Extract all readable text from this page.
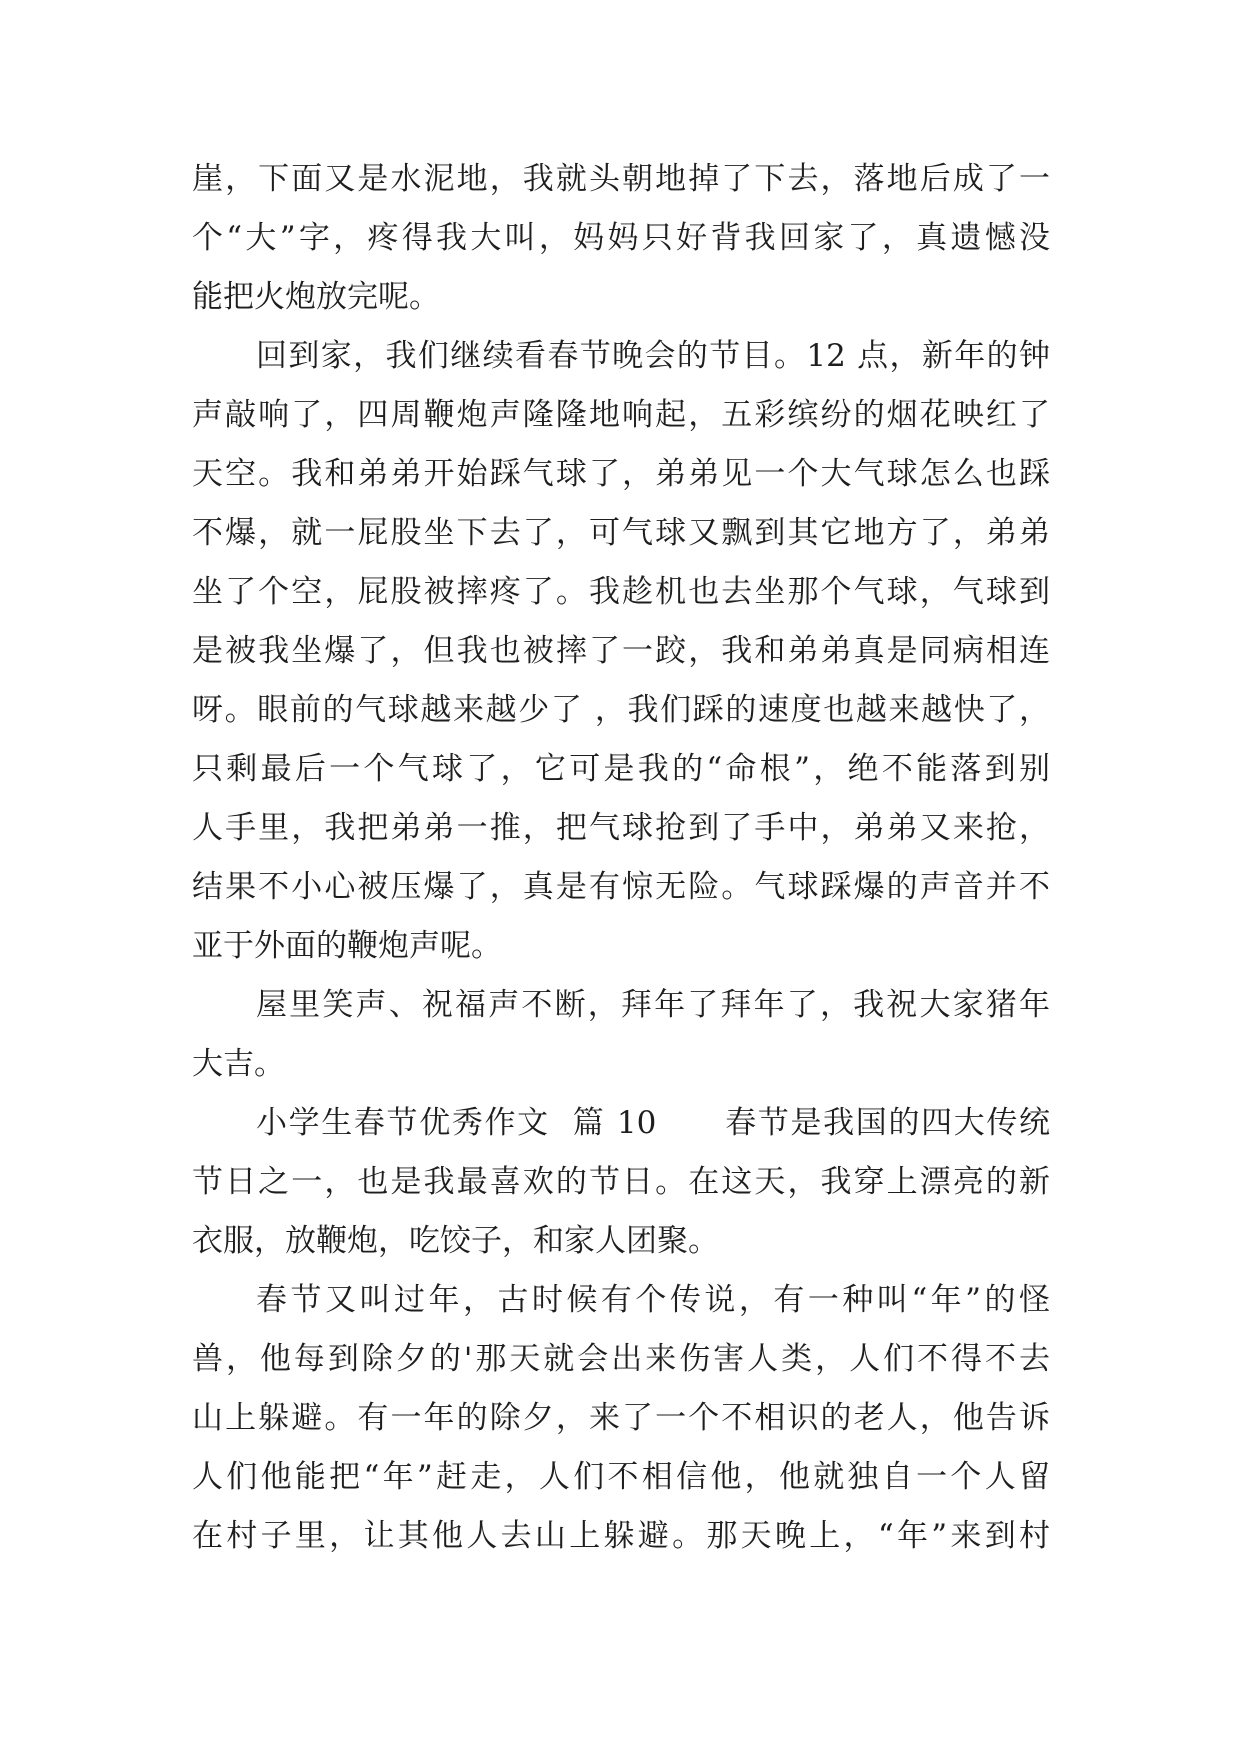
崖，下面又是水泥地，我就头朝地掉了下去，落地后成了一
个“大”字，疼得我大叫，妈妈只好背我回家了，真遗憾没
能把火炮放完呢。
回到家，我们继续看春节晚会的节目。12 点，新年的钟
声敲响了，四周鞭炮声隆隆地响起，五彩缤纷的烟花映红了
天空。我和弟弟开始踩气球了，弟弟见一个大气球怎么也踩
不爆，就一屁股坐下去了，可气球又飘到其它地方了，弟弟
坐了个空，屁股被摔疼了。我趁机也去坐那个气球，气球到
是被我坐爆了，但我也被摔了一跤，我和弟弟真是同病相连
呀。眼前的气球越来越少了 ，我们踩的速度也越来越快了，
只剩最后一个气球了，它可是我的“命根”，绝不能落到别
人手里，我把弟弟一推，把气球抢到了手中，弟弟又来抢，
结果不小心被压爆了，真是有惊无险。气球踩爆的声音并不
亚于外面的鞭炮声呢。
屋里笑声、祝福声不断，拜年了拜年了，我祝大家猪年
大吉。
小学生春节优秀作文  篇 10      春节是我国的四大传统
节日之一，也是我最喜欢的节日。在这天，我穿上漂亮的新
衣服，放鞭炮，吃饺子，和家人团聚。
春节又叫过年，古时候有个传说，有一种叫“年”的怪
兽，他每到除夕的'那天就会出来伤害人类，人们不得不去
山上躲避。有一年的除夕，来了一个不相识的老人，他告诉
人们他能把“年”赶走，人们不相信他，他就独自一个人留
在村子里，让其他人去山上躲避。那天晚上，“年”来到村
